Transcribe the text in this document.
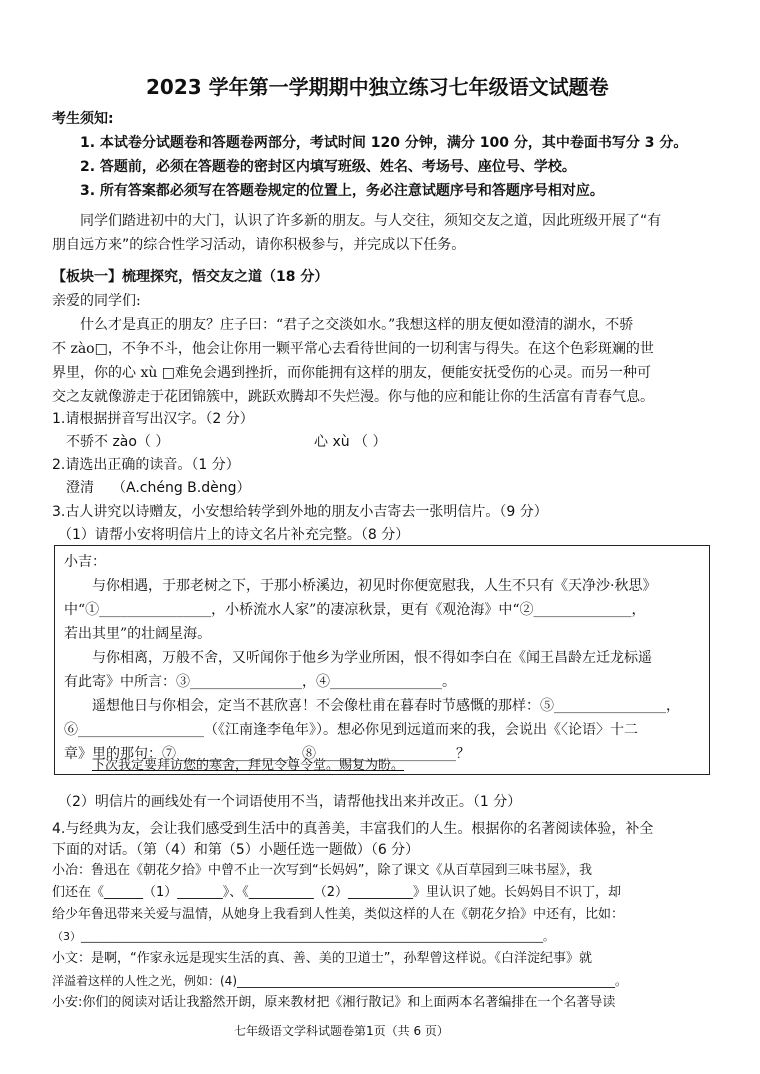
2023 学年第一学期期中独立练习七年级语文试题卷
考生须知:
1. 本试卷分试题卷和答题卷两部分，考试时间 120 分钟，满分 100 分，其中卷面书写分 3 分。
2. 答题前，必须在答题卷的密封区内填写班级、姓名、考场号、座位号、学校。
3. 所有答案都必须写在答题卷规定的位置上，务必注意试题序号和答题序号相对应。
同学们踏进初中的大门，认识了许多新的朋友。与人交往，须知交友之道，因此班级开展了“有
朋自远方来”的综合性学习活动，请你积极参与，并完成以下任务。
【板块一】梳理探究，悟交友之道（18 分）
亲爱的同学们:
什么才是真正的朋友？庄子曰：“君子之交淡如水。”我想这样的朋友便如澄清的湖水，不骄
不 zào□，不争不斗，他会让你用一颗平常心去看待世间的一切利害与得失。在这个色彩斑斓的世
界里，你的心 xù □难免会遇到挫折，而你能拥有这样的朋友，便能安抚受伤的心灵。而另一种可
交之友就像游走于花团锦簇中，跳跃欢腾却不失烂漫。你与他的应和能让你的生活富有青春气息。
1.请根据拼音写出汉字。（2 分）
不骄不 zào（ ）	心 xù （ ）
2.请选出正确的读音。（1 分）
澄清 （A.chéng B.dèng）
3.古人讲究以诗赠友，小安想给转学到外地的朋友小吉寄去一张明信片。（9 分）
（1）请帮小安将明信片上的诗文名片补充完整。（8 分）
小吉：
与你相遇，于那老树之下，于那小桥溪边，初见时你便宽慰我，人生不只有《天净沙·秋思》
中“①________________，小桥流水人家”的凄凉秋景，更有《观沧海》中“②______________，
若出其里”的壮阔星海。
与你相离，万般不舍，又听闻你于他乡为学业所困，恨不得如李白在《闻王昌龄左迁龙标遥
有此寄》中所言：③________________，④________________。
遥想他日与你相会，定当不甚欣喜！不会像杜甫在暮春时节感慨的那样：⑤________________，
⑥__________________（《江南逢李龟年》）。想必你见到远道而来的我，会说出《〈论语〉十二
章》里的那句：⑦________________，⑧____________________？
下次我定要拜访您的寒舍，拜见令尊令堂。赐复为盼。
（2）明信片的画线处有一个词语使用不当，请帮他找出来并改正。（1 分）
4.与经典为友，会让我们感受到生活中的真善美，丰富我们的人生。根据你的名著阅读体验，补全
下面的对话。（第（4）和第（5）小题任选一题做）（6 分）
小冶：鲁迅在《朝花夕拾》中曾不止一次写到“长妈妈”，除了课文《从百草园到三味书屋》，我
们还在《______（1）_______》、《__________（2）__________》里认识了她。长妈妈目不识丁，却
给少年鲁迅带来关爱与温情，从她身上我看到人性美，类似这样的人在《朝花夕拾》中还有，比如：
（3）____________________________________________________________________________________。
小文：是啊，“作家永远是现实生活的真、善、美的卫道士”，孙犁曾这样说。《白洋淀纪事》就
洋溢着这样的人性之光，例如：(4)_______________________________________________________________。
小安:你们的阅读对话让我豁然开朗，原来教材把《湘行散记》和上面两本名著编排在一个名著导读
七年级语文学科试题卷第1页（共 6 页）
